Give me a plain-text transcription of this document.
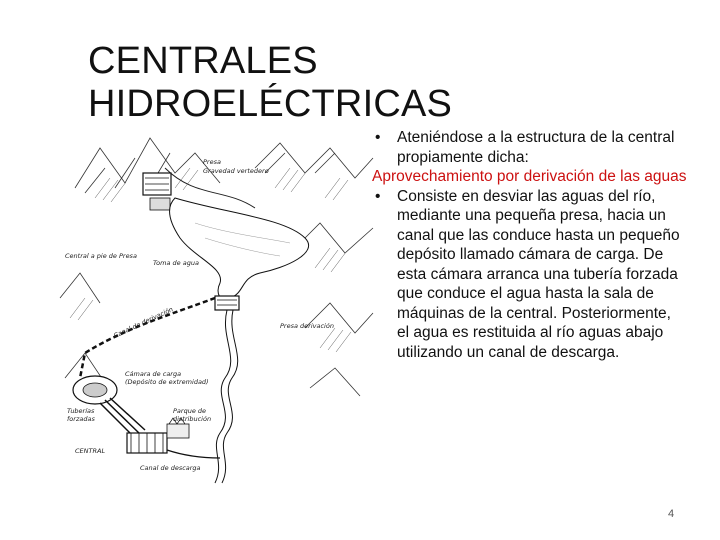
CENTRALES HIDROELÉCTRICAS
Presa
Gravedad vertedero
Central a pie de Presa
Toma de agua
Canal de derivación	Presa derivación
Cámara de carga
(Depósito de extremidad)
Tuberías
forzadas
Parque de
distribución
CENTRAL
Canal de descarga

• Ateniéndose a la estructura de la central propiamente dicha:

Aprovechamiento por derivación de las aguas

• Consiste en desviar las aguas del río, mediante una pequeña presa, hacia un canal que las conduce hasta un pequeño depósito llamado cámara de carga. De esta cámara arranca una tubería forzada que conduce el agua hasta la sala de máquinas de la central. Posteriormente, el agua es restituida al río aguas abajo utilizando un canal de descarga.

4
